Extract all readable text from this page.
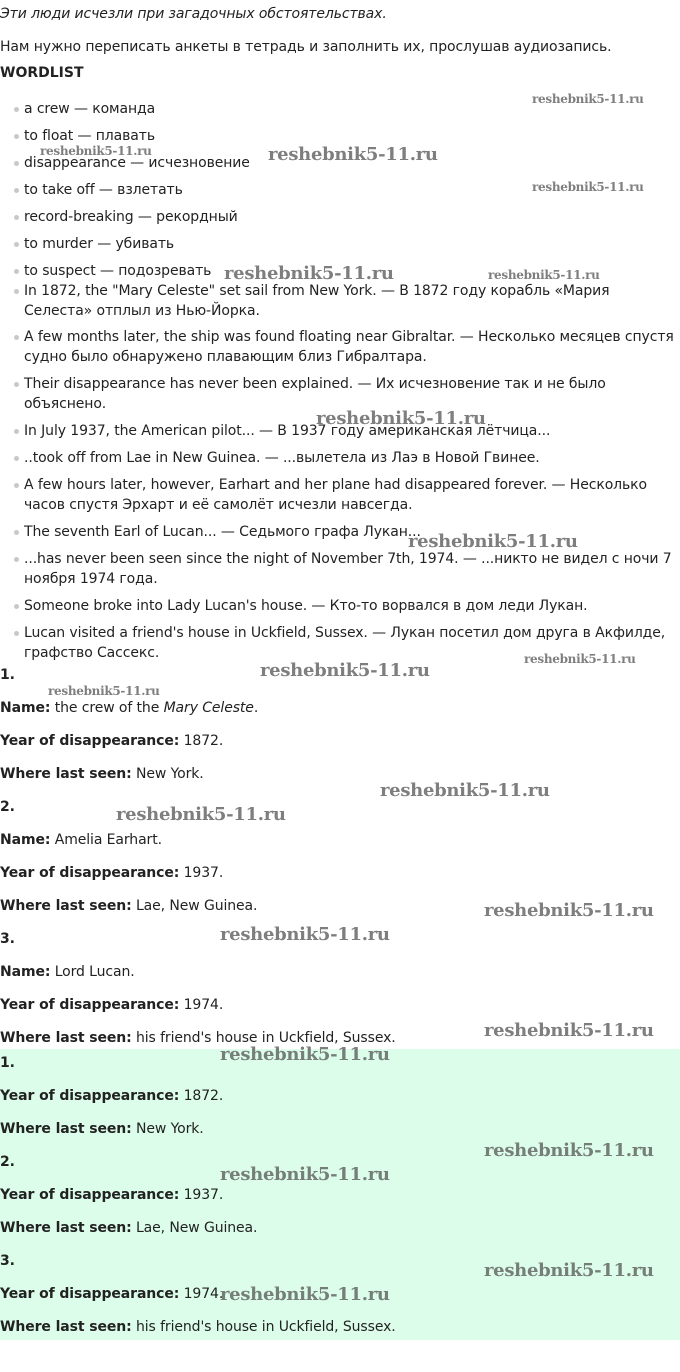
Эти люди исчезли при загадочных обстоятельствах.

Нам нужно переписать анкеты в тетрадь и заполнить их, прослушав аудиозапись.

WORDLIST

a crew — команда
to float — плавать
disappearance — исчезновение
to take off — взлетать
record-breaking — рекордный
to murder — убивать
to suspect — подозревать
In 1872, the "Mary Celeste" set sail from New York. — В 1872 году корабль «Мария Селеста» отплыл из Нью-Йорка.
A few months later, the ship was found floating near Gibraltar. — Несколько месяцев спустя судно было обнаружено плавающим близ Гибралтара.
Their disappearance has never been explained. — Их исчезновение так и не было объяснено.
In July 1937, the American pilot... — В 1937 году американская лётчица...
..took off from Lae in New Guinea. — ...вылетела из Лаэ в Новой Гвинее.
A few hours later, however, Earhart and her plane had disappeared forever. — Несколько часов спустя Эрхарт и её самолёт исчезли навсегда.
The seventh Earl of Lucan... — Седьмого графа Лукан...
...has never been seen since the night of November 7th, 1974. — ...никто не видел с ночи 7 ноября 1974 года.
Someone broke into Lady Lucan's house. — Кто-то ворвался в дом леди Лукан.
Lucan visited a friend's house in Uckfield, Sussex. — Лукан посетил дом друга в Акфилде, графство Сассекс.

1.

Name: the crew of the Mary Celeste.

Year of disappearance: 1872.

Where last seen: New York.

2.

Name: Amelia Earhart.

Year of disappearance: 1937.

Where last seen: Lae, New Guinea.

3.

Name: Lord Lucan.

Year of disappearance: 1974.

Where last seen: his friend's house in Uckfield, Sussex.

1.

Year of disappearance: 1872.

Where last seen: New York.

2.

Year of disappearance: 1937.

Where last seen: Lae, New Guinea.

3.

Year of disappearance: 1974.

Where last seen: his friend's house in Uckfield, Sussex.

reshebnik5-11.ru
reshebnik5-11.ru	reshebnik5-11.ru
reshebnik5-11.ru
reshebnik5-11.ru	reshebnik5-11.ru
reshebnik5-11.ru
reshebnik5-11.ru
reshebnik5-11.ru
reshebnik5-11.ru
reshebnik5-11.ru
reshebnik5-11.ru
reshebnik5-11.ru
reshebnik5-11.ru
reshebnik5-11.ru
reshebnik5-11.ru
reshebnik5-11.ru
reshebnik5-11.ru
reshebnik5-11.ru
reshebnik5-11.ru
reshebnik5-11.ru
